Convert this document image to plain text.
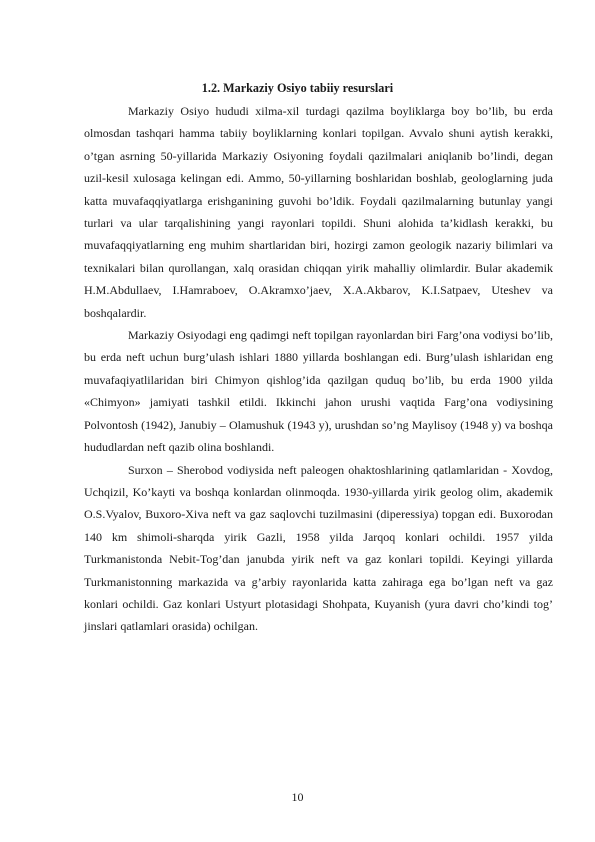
1.2. Markaziy Osiyo tabiiy resurslari

Markaziy Osiyo hududi xilma-xil turdagi qazilma boyliklarga boy bo’lib, bu erda olmosdan tashqari hamma tabiiy boyliklarning konlari topilgan. Avvalo shuni aytish kerakki, o’tgan asrning 50-yillarida Markaziy Osiyoning foydali qazilmalari aniqlanib bo’lindi, degan uzil-kesil xulosaga kelingan edi. Ammo, 50-yillarning boshlaridan boshlab, geologlarning juda katta muvafaqqiyatlarga erishganining guvohi bo’ldik. Foydali qazilmalarning butunlay yangi turlari va ular tarqalishining yangi rayonlari topildi. Shuni alohida ta’kidlash kerakki, bu muvafaqqiyatlarning eng muhim shartlaridan biri, hozirgi zamon geologik nazariy bilimlari va texnikalari bilan qurollangan, xalq orasidan chiqqan yirik mahalliy olimlardir. Bular akademik H.M.Abdullaev, I.Hamraboev, O.Akramxo’jaev, X.A.Akbarov, K.I.Satpaev, Uteshev va boshqalardir.

Markaziy Osiyodagi eng qadimgi neft topilgan rayonlardan biri Farg’ona vodiysi bo’lib, bu erda neft uchun burg’ulash ishlari 1880 yillarda boshlangan edi. Burg’ulash ishlaridan eng muvafaqiyatlilaridan biri Chimyon qishlog’ida qazilgan quduq bo’lib, bu erda 1900 yilda «Chimyon» jamiyati tashkil etildi. Ikkinchi jahon urushi vaqtida Farg’ona vodiysining Polvontosh (1942), Janubiy – Olamushuk (1943 y), urushdan so’ng Maylisoy (1948 y) va boshqa hududlardan neft qazib olina boshlandi.

Surxon – Sherobod vodiysida neft paleogen ohaktoshlarining qatlamlaridan - Xovdog, Uchqizil, Ko’kayti va boshqa konlardan olinmoqda. 1930-yillarda yirik geolog olim, akademik O.S.Vyalov, Buxoro-Xiva neft va gaz saqlovchi tuzilmasini (diperessiya) topgan edi. Buxorodan 140 km shimoli-sharqda yirik Gazli, 1958 yilda Jarqoq konlari ochildi. 1957 yilda Turkmanistonda Nebit-Tog’dan janubda yirik neft va gaz konlari topildi. Keyingi yillarda Turkmanistonning markazida va g’arbiy rayonlarida katta zahiraga ega bo’lgan neft va gaz konlari ochildi. Gaz konlari Ustyurt plotasidagi Shohpata, Kuyanish (yura davri cho’kindi tog’ jinslari qatlamlari orasida) ochilgan.

10
